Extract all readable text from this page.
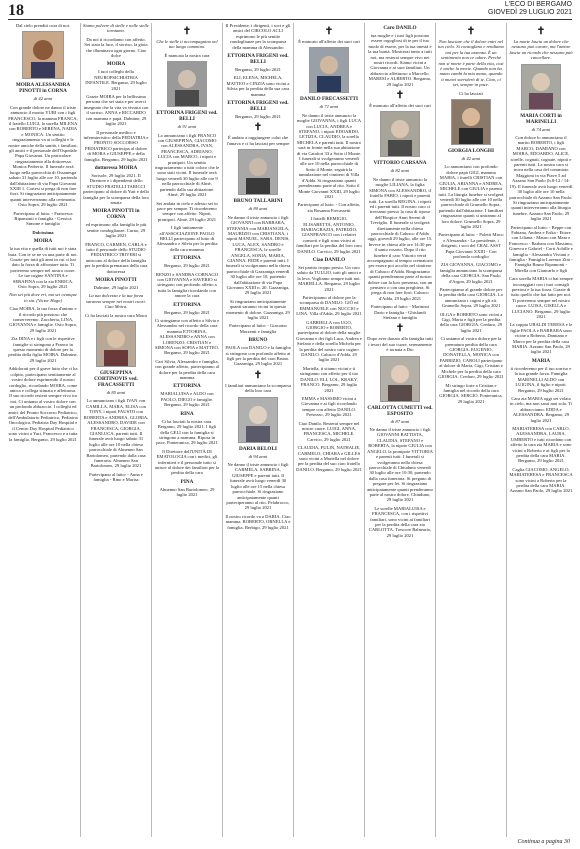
18	L'ECO DI BERGAMO
GIOVEDÌ 29 LUGLIO 2021

Dal cielo prenditi cura di noi.

MOIRA ALESSANDRA PINOTTI in CORNA

di 42 anni

Con grande dolore ne danno il triste annuncio il marito YURI con i figli FRANCESCO, la mamma FRANCA, il fratello LUIGI, la sorella MILENA con ROBERTO e SERENA, NADIA e MONICA. Un sentito ringraziamento va ai colleghi e le nostre amiche della sanità, i familiari, gli amici e il personale dell'Ospedale Papa Giovanni. Un particolare ringraziamento alla dottoressa Monica Pedrerio. Il funerale avrà luogo nella parrocchia di Ossanesga sabato 31 luglio alle ore 10, partendo dall'abitazione di via Papa Giovanni XXIII 1. Cortesi si prega di non fare fiori. Si ringraziano anticipatamente quanti interverranno alla cerimonia. Osio Sopra, 29 luglio 2021

Partecipano al lutto: - Francesca Ripamonti e famiglia - Gessica Simone e famiglia

Dolcissima

MOIRA

la tua vita e quella di tutti noi è stata buia. Con te se ne va una parte di noi. Grazie per tutti gli anni in cui ci hai dato la forza di affrontare tutto. Ti porteremo sempre nel nostro cuore. Le tue cugine SANTINA e SERAFINA con la zia ENRICA. Osio Sopra, 29 luglio 2021

Non sei più dove eri, ma sei ovunque io sia. (Victor Hugo)

Ciao MOIRA, la tua forza d'animo e il ricordo più prezioso che conserveremo. Zaccheria, LINA, GIOVANNA e famiglie. Osio Sopra, 29 luglio 2021

Zia DINA e i figli con le rispettive famiglie si stringono a Franco in questo momento di dolore per la perdita della figlia MOIRA. Dalmine, 29 luglio 2021

Addolorati per il grave lutto che ci ha colpito, partecipano sentitamente al vostro dolore esprimendo il nostro cordoglio, ricordando MOIRA, come amica e collega stimata e affettuosa. Il suo ricordo resterà sempre vivo tra noi. Ci uniamo al vostro dolore con un profondo abbraccio. I colleghi ed amici del Pronto Soccorso Pediatrico, dell'Ambulatorio Pediatrico, Pediatria Oncologica, Pediatria Day Hospital e il Centro Day Hospital Pediatrico sono vicini a Yuri, Francesco e a tutta la famiglia. Bergamo, 29 luglio 2021

Siamo polvere di stelle e nelle stelle torniamo.

Da noi ti ricordiamo con affetto. Sei stata la luce, il sorriso, la gioia che illuminava ogni giorno. Ciao dolce

MOIRA

I tuoi colleghi della NEUROPSICHIATRIA INFANTILE. Bergamo, 29 luglio 2021

Grazie MOIRA per la bellissima persona che sei stata e per averci insegnato che la vita va vissuta con il sorriso. ANNA e RICCARDO con mamma e papà. Dalmine, 29 luglio 2021

Il personale medico e infermieristico della PEDIATRIA e PRONTO SOCCORSO PEDIATRICO partecipa al dolore di MORA e GIUSEPPE e della famiglia. Bergamo, 29 luglio 2021

dottoressa MOIRA

Sorisole, 29 luglio 2021. Il Direttore e i dipendenti dello STUDIO FRATELLI TARICCI partecipano al dolore di Yuri e della famiglia per la scomparsa della loro amata

MOIRA PINOTTI in CORNA

ed esprimono alla famiglia le più sentite condoglianze. Curno, 29 luglio 2021

FRANCO, CARMEN, CARLA e tutto il personale dello STUDIO PEDIATRICO TRIVERI si uniscono al dolore della famiglia per la perdita prematura della cara dottoressa

MOIRA PINOTTI

Dalmine, 29 luglio 2021

La tua dolcezza e la tua forza saranno sempre nei nostri cuori. Ciao Moira.

Ci ha lasciati la nostra cara Moira

GIUSEPPINA CORTINOVIS ved. FRACASSETTI

di 85 anni

Lo annunciano i figli IVAN con CAMILLA, MARA, ELISA con TONY, i nipoti FAUSTO con ROBERTA e ANDREA, GLORIA, ALESSANDRO, DAVIDE con FRANCESCA, GIORGIA, GIANLUCA, parenti tutti. Il funerale avrà luogo sabato 31 luglio alle ore 10 nella chiesa parrocchiale di Almenno San Bartolomeo, partendo dalla casa funeraria. Almenno San Bartolomeo, 29 luglio 2021

Partecipano al lutto: - Anna e famiglia - Rino e Marisa

✝

Che le stelle ti accompagnino nel tuo lungo cammino.

È mancata la nostra cara

ETTORINA FRIGENI ved. BELLI

di 91 anni

Lo annunciano i figli FRANCO con GIUSEPPINA, GIACOMO con ALESSANDRA, IVAN, FRANCESCA, ADRIANO, LUCIA con MARCO, i nipoti e pronipoti. Un sentito ringraziamento a tutti coloro che le sono stati vicini. Il funerale avrà luogo venerdì 30 luglio alle ore 9 nella parrocchiale di Almè, partendo dalla sua abitazione. Almè, 29 luglio 2021

Sei andata in cielo e adesso sei in pace per sempre. Ti ricorderemo sempre con affetto. Nipoti, pronipoti. Almè, 29 luglio 2021

I figli unitamente all'ASSOCIAZIONE PAOLO BELLI partecipano al lutto di Alessandro e Silvia per la perdita della cara mamma

ETTORINA

Bergamo, 29 luglio 2021

RENZO e SANDRA CORNAGO con GIOVANNA e SAVERIO si stringono con profondo affetto a tutta la famiglia ricordando con amore la cara

ETTORINA

Bergamo, 29 luglio 2021

Ci stringiamo con affetto a Silvia e Alessandro nel ricordo della cara mamma ETTORINA. ALESSANDRO e ANNA con LORENZO, CRISTIAN e SIMONA con SOFIA e MATTEO. Bergamo, 29 luglio 2021

Cari Silvia, Alessandro e famiglia, con grande affetto, partecipiamo al dolore per la perdita della cara mamma

ETTORINA

MARIALUISA e ALDO con PAOLO, DIEGO e famiglie. Bergamo, 29 luglio 2021

RINA

Ci ha lasciati la nostra cara. Bergamo, 29 luglio 2021. I figli della GELI con la famiglia si stringono a mamma. Riposa in pace. Ponteranica, 29 luglio 2021

Il Direttore dell'UNITÀ DI EMATOLOGIA con i medici, gli infermieri e il personale tutto si unisce al dolore dei familiari per la perdita della cara

PINA

Almenno San Bartolomeo, 29 luglio 2021

Il Presidente, i dirigenti, i soci e gli amici del CIRCOLO ACLI esprimono le più sentite condoglianze per la scomparsa della mamma di Alessandro

ETTORINA FRIGENI ved. BELLI

Bergamo, 29 luglio 2021

ELI, ELENA, MICHELA, MATTEO e CINZIA sono vicini a Silvia per la perdita della sua cara mamma

ETTORINA FRIGENI ved. BELLI

Bergamo, 29 luglio 2021

✝

È andato a raggiungere colui che l'amava e ci ha lasciati per sempre

BRUNO TALLARINI

di 80 anni

Ne danno il triste annuncio i figli GIOVANNI con BARBARA, STEFANIA con MARIANGELA, MAURIZIO con CRISTIANA, i nipoti MANUEL, SARA, DENIS, LUCA, ALEX, SANDRO e FRANCESCA, le sorelle ANGELA, SONIA, MARIA, GIANNA, FEDE e parenti tutti. I funerali si svolgeranno nella chiesa parrocchiale di Gazzaniga venerdì 30 luglio alle ore 10, partendo dall'abitazione di via Papa Giovanni XXIII n. 20. Gazzaniga, 29 luglio 2021

Si ringraziano anticipatamente quanti saranno vicini in questo momento di dolore. Gazzaniga, 29 luglio 2021

Partecipano al lutto: - Giacomo Morzenti e famiglia

BRUNO

PAOLA con DANILO e la famiglia si stringono con profondo affetto ai figli per la perdita del caro Bruno. Gazzaniga, 29 luglio 2021

✝

I familiari annunciano la scomparsa della loro cara

DARIA BELOLI

di 94 anni

Ne danno il triste annuncio i figli CARMELA, SABRINA, GIUSEPPE e parenti tutti. Il funerale avrà luogo venerdì 30 luglio alle ore 15 nella chiesa parrocchiale. Si ringraziano anticipatamente quanti parteciperanno al rito. Pelabrocco, 29 luglio 2021

Il nostro ricordo va a DARIA. Ciao mamma. ROBERTO, ORNELLA e famiglia. Berbigo, 29 luglio 2021

✝

È mancato all'affetto dei suoi cari

DANILO FRECASSETTI

di 71 anni

Ne danno il triste annuncio la moglie GIOVANNA, i figli LUCA con LUCIA, ANDREA e STEFANO, i nipoti EDOARDO, LETIZIA, CLAUDIO, la sorella MICHELA e parenti tutti. Il nostro sarà in fronte nella sua abitazione di via Catafori 33 a Sotto il Monte. I funerali si svolgeranno venerdì alle ore 10 nella parrocchiale di Sotto il Monte, seguirà la tumulazione nel cimitero di Villa d'Adda. Si ringraziano quanti prenderanno parte al rito. Sotto il Monte Giovanni XXIII, 29 luglio 2021

Partecipano al lutto: - Con affetto, zia Rosanna Frecassetti

I fratelli REMIGIO, ELISABETTA, ANTONIO, MARIAGRAZIA, PATRIZIO, GIANFRANCO con i relativi consorti e figli sono vicini ai familiari per la perdita del loro caro DANILO. Carvico, 29 luglio 2021

Ciao DANILO

Sei partito troppo presto. Un caro saluto da TULLIO, tutti gli amici e la leva. Vogliamo sempre tutti noi. MARIELLA. Bergamo, 29 luglio 2021

Partecipiamo al dolore per la scomparsa di DANILO. GIÒ ed EMMANUELE con NUCCIO e LINA. Villa d'Adda, 29 luglio 2021

GABRIELLA con UGO, GIORGIO e ROBERTO, partecipano al dolore della moglie Giovanna e dei figli Luca, Andrea e Stefano e della sorella Michela per la perdita del nostro caro cugino DANILO. Calusco d'Adda, 29 luglio 2021

Mariella, ti stiamo vicini e ti stringiamo con affetto per il tuo DANILO. ELI, LOL, KRAKY, FRANCO. Bergamo, 29 luglio 2021

EMMA e MASSIMO vicini a Giovanna e ai figli ricordando sempre con affetto DANILO. Presezzo, 29 luglio 2021

Ciao Danilo. Resterai sempre nel nostro cuore. LUIGI, ANNA, FRANCESCA, MICHELE. Carvico, 29 luglio 2021

CLAUDIA, FULIN, NATHALIE, CARMELO, CHIARA e GILLES sono vicini a Mariella nel dolore per la perdita del suo caro fratello DANILO. Bergamo, 29 luglio 2021

Caro DANILO

tua moglie e i tuoi figli possono essere orgogliosi di te per il tuo modo di essere, per la tua onestà e la tua bontà. Mostrerai tanto a tutti noi, ma resterai sempre vivo nei nostri ricordi. Siamo vicini a Giovanna e ai suoi familiari. Un abbraccio affettuoso a Marcello. MARESI e ALBERTO. Bergamo, 29 luglio 2021

✝

È mancato all'affetto dei suoi cari

VITTORIO CARSANA

di 82 anni

Ne danno il triste annuncio la moglie LILIANA, la figlia SIMONA con ALESSANDRO, il fratello FABIO, i nipoti e parenti tutti. La sorella REGINA, i nipoti ed i parenti tutti. Il nostro caro ci troviamo presso la casa di riposo dell'Hospice Anni Sereni di Treviglio. Il funerale si svolgerà direttamente nella chiesa parrocchiale di Calusco d'Adda oggi, giovedì 29 luglio, alle ore 15. Invece in chiesa alle ore 14:30 per il santo rosario. Dopo il rito funebre il caro Vittorio verrà accompagnato al tempio crematorio per essere poi accolto nel cimitero di Calusco d'Adda. Ringraziamo quanti prenderanno parte al nostro dolore con la loro presenza, con un pensiero o con una preghiera. Si prega di non fare fiori. Calusco d'Adda, 29 luglio 2021

Partecipano al lutto: - Marinoni Dario e famiglia - Ghislandi Stefano e famiglia

✝

Dopo aver donato alla famiglia tutti i tesori del suo cuore, serenamente è tornata a Dio

CARLOTTA CUMETTI ved. ESPOSITO

di 87 anni

Ne danno il triste annuncio i figli GIOVANNI BATTISTA, CLAUDIA, STEFANO e ROBERTA, la nipote GIULIA con ANGELO, la pronipote VITTORIA e parenti tutti. I funerali si svolgeranno nella chiesa parrocchiale di Chiuduno venerdì 30 luglio alle ore 10:30, partendo dalla casa funeraria. Si pregano di pregare per lei. Si ringraziano anticipatamente quanti prenderanno parte al nostro dolore. Chiuduno, 29 luglio 2021

Le sorelle MARIALUISA e FRANCESCA, con i rispettivi familiari, sono vicini ai familiari per la perdita della cara zia CARLOTTA. Trescore Balneario, 29 luglio 2021

✝

Non lasciare che il dolore entri nel tuo cielo. Si consoglano e rendiamo noi per la tua assenza. È un sentimento non ce odore. Perché non si morte è parte della vita, così è anche la morte. Quando non ha mano cambi la mia mano, quando ti muovi sorriderò di te. Ciao, ci sei, sempre in pace.

Ci ha lasciati

GIORGIA LONGHI

di 42 anni

Lo annunciano con profondo dolore papà GIGI, mamma MARIA, i fratelli CRISTIAN con GIULIA, ARIANNA e ANDREA, MICHELE con GIULIA e parenti tutti. La liturgia funebre si svolgerà venerdì 30 luglio alle ore 10 nella parrocchiale di Grumello Sopra, partendo dall'abitazione. I familiari ringraziano quanti si uniranno al loro dolore. Grumello Sopra, 29 luglio 2021

Partecipano al lutto: - Poletti Mirco e Alessandra - La presidente, i dirigenti, i soci del CRAL ASST Papa Giovanni XXIII - Con profondo cordoglio

ZIA GIOVANNA, GIACOMO e famiglia annunciano la scomparsa della cara GIORGIA. San Paolo d'Argon, 29 luglio 2021

Partecipiamo al grande dolore per la perdita della cara GIORGIA. Lo annunciano i cugini e gli zii. Grumello Sopra, 29 luglio 2021

OLGA e ROBERTO sono vicini a Gigi, Maria e figli per la perdita della cara GIORGIA. Credaro, 29 luglio 2021

Ci uniamo al vostro dolore per la prematura perdita della cara GIORGIA. EUGENIO, DONATELLA, MONICA con FABRIZIO, CAROLI partecipano al dolore di Maria, Gigi, Cristian e Michele per la perdita della cara GIORGIA. Credaro, 29 luglio 2021

Mi stringo forte a Cristian e famiglia nel ricordo della cara GIORGIA. SERGIO. Ponteranica, 29 luglio 2021

✝

La morte lascia un dolore che nessuno può curare, ma l'amore lascia un ricordo che nessuno può cancellare.

MARIA CORTI in MARINELLI

di 74 anni

Con dolore lo annunciano il marito ROBERTO, i figli MARCO, DAMIANO con MOIRA, EDOARDO, ALICE, sorelle, cognati, cognate, nipoti e parenti tutti. La nostra cara si trova nella casa del commiato Maggioni in via Piave 5 ad Azzano San Paolo (h.8-12 / 14-19). Il funerale avrà luogo venerdì 30 luglio alle ore 10 nella parrocchiale di Azzano San Paolo. Si ringraziano anticipatamente quanti interverranno alla liturgia funebre. Azzano San Paolo, 29 luglio 2021

Partecipano al lutto: - Beppe con Fabiana, Andrea e Erika - Ettore con Liliana - Mauro con Mara e Francesco - Barbara con Massimo, Ginevra e Gabriel - Corti Achille e famiglia - Alessandra Viviani e famiglia - Famiglia Lorenzo Zini - Famiglia Bruno Ripamonti - Mirella con Giancarlo e figli

Cara sorella MARIA ci hai sempre incoraggiati con i tuoi consigli preziosi e la tua forza. Grazie di tutto quello che hai fatto per noi. Ti porteremo sempre nel nostro cuore. LUISA, GISELLA e LUCIANO. Bergamo, 29 luglio 2021

La coppia UBALDI TERESA e le figlie PAOLA e BARBARA sono vicine a Roberto, Damiano e Marco per la perdita della cara MARIA. Azzano San Paolo, 29 luglio 2021

MARIA

ti ricorderemo per il tuo sorriso e la tua grande forza. Famiglia MARINELLI ALDO con LUIGINA, il figlio e nipoti. Bergamo, 29 luglio 2021

Cara zia MARIA oggi sei volata in cielo, ma non sarai mai sola. Ti abbracciamo. EDDA e ALESSANDRA. Bergamo, 29 luglio 2021

MARIATERESA con CARLO, ALESSANDRA, LAURA, UMBERTO e tutti ricordano con affetto la cara zia MARIA e sono vicini a Roberto e ai figli per la perdita della cara MARIA. Bergamo, 29 luglio 2021

Caglia GIACOMO, ANGELO, MARIATERESA e FRANCESCA sono vicini a Roberto per la perdita della cara MARIA. Azzano San Paolo, 29 luglio 2021

Continua a pagina 30
